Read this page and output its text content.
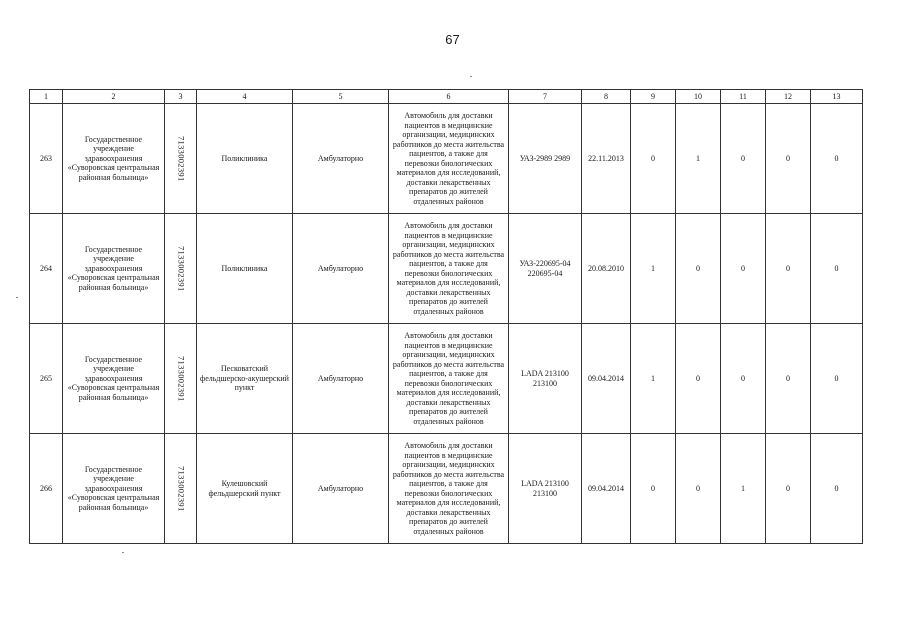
67
1	2	3	4	5	6	7	8	9	10	11	12	13
263	Государственное учреждение здравоохранения «Суворовская центральная районная больница»	7133002391	Поликлиника	Амбулаторно	Автомобиль для доставки пациентов в медицинские организации, медицинских работников до места жительства пациентов, а также для перевозки биологических материалов для исследований, доставки лекарственных препаратов до жителей отдаленных районов	УАЗ-2989 2989	22.11.2013	0	1	0	0	0
264	Государственное учреждение здравоохранения «Суворовская центральная районная больница»	7133002391	Поликлиника	Амбулаторно	Автомобиль для доставки пациентов в медицинские организации, медицинских работников до места жительства пациентов, а также для перевозки биологических материалов для исследований, доставки лекарственных препаратов до жителей отдаленных районов	УАЗ-220695-04 220695-04	20.08.2010	1	0	0	0	0
265	Государственное учреждение здравоохранения «Суворовская центральная районная больница»	7133002391	Песковатский фельдшерско-акушерский пункт	Амбулаторно	Автомобиль для доставки пациентов в медицинские организации, медицинских работников до места жительства пациентов, а также для перевозки биологических материалов для исследований, доставки лекарственных препаратов до жителей отдаленных районов	LADA 213100 213100	09.04.2014	1	0	0	0	0
266	Государственное учреждение здравоохранения «Суворовская центральная районная больница»	7133002391	Кулешовский фельдшерский пункт	Амбулаторно	Автомобиль для доставки пациентов в медицинские организации, медицинских работников до места жительства пациентов, а также для перевозки биологических материалов для исследований, доставки лекарственных препаратов до жителей отдаленных районов	LADA 213100 213100	09.04.2014	0	0	1	0	0
